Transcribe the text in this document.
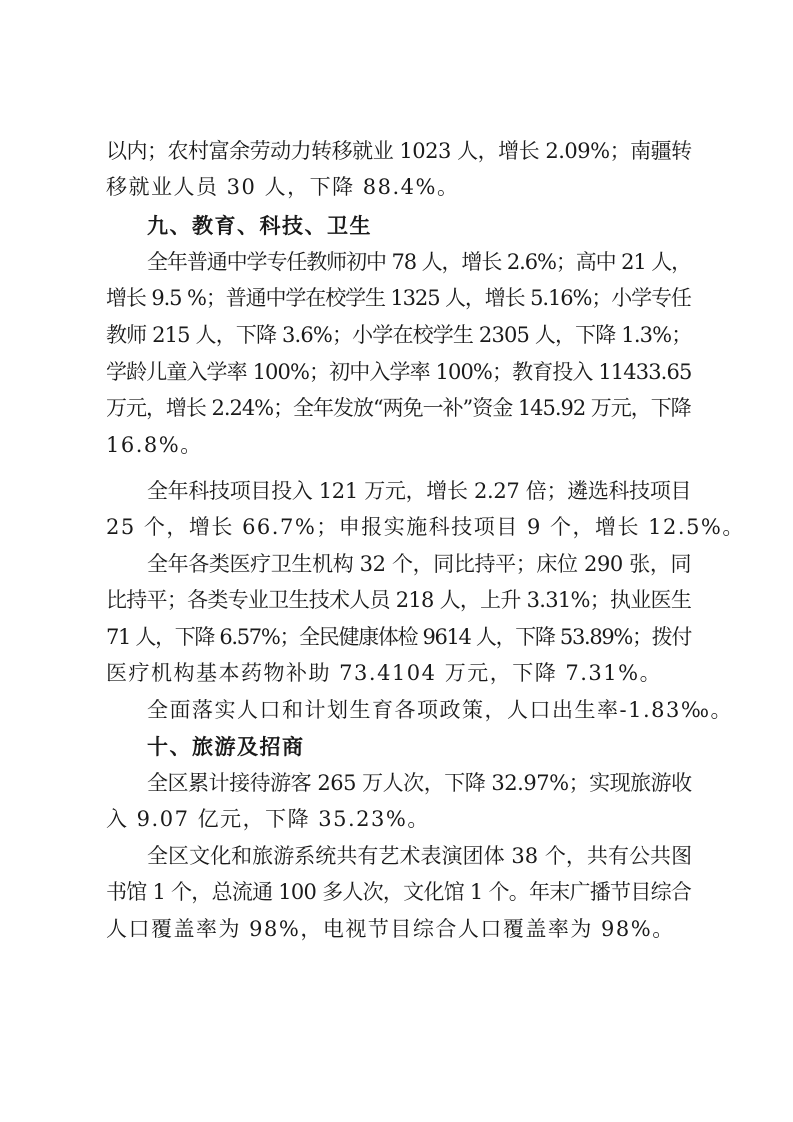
以内；农村富余劳动力转移就业 1023 人，增长 2.09%；南疆转
移就业人员 30 人，下降 88.4%。
九、教育、科技、卫生
全年普通中学专任教师初中 78 人，增长 2.6%；高中 21 人，
增长 9.5 %；普通中学在校学生 1325 人，增长 5.16%；小学专任
教师 215 人，下降 3.6%；小学在校学生 2305 人，下降 1.3%；
学龄儿童入学率 100%；初中入学率 100%；教育投入 11433.65
万元，增长 2.24%；全年发放“两免一补”资金 145.92 万元，下降
16.8%。
全年科技项目投入 121 万元，增长 2.27 倍；遴选科技项目
25 个，增长 66.7%；申报实施科技项目 9 个，增长 12.5%。
全年各类医疗卫生机构 32 个，同比持平；床位 290 张，同
比持平；各类专业卫生技术人员 218 人，上升 3.31%；执业医生
71 人，下降 6.57%；全民健康体检 9614 人，下降 53.89%；拨付
医疗机构基本药物补助 73.4104 万元，下降 7.31%。
全面落实人口和计划生育各项政策，人口出生率-1.83‰。
十、旅游及招商
全区累计接待游客 265 万人次，下降 32.97%；实现旅游收
入 9.07 亿元，下降 35.23%。
全区文化和旅游系统共有艺术表演团体 38 个，共有公共图
书馆 1 个，总流通 100 多人次，文化馆 1 个。年末广播节目综合
人口覆盖率为 98%，电视节目综合人口覆盖率为 98%。
